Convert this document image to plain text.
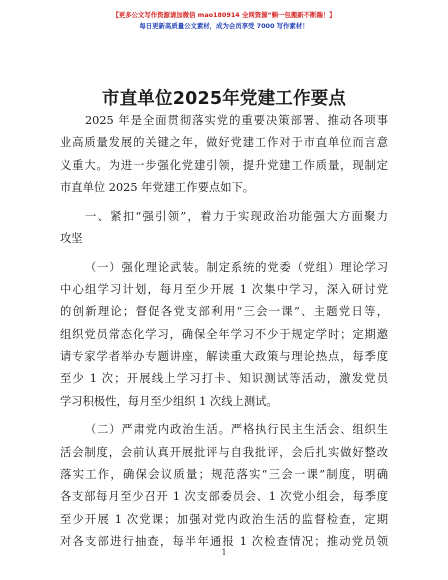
【更多公文写作资源请加微信 mao180914 全网资源“蝌一包搬新不断踹！】
每日更新高质量公文素材，成为会员享受 7000 写作素材！
市直单位2025年党建工作要点
2025 年是全面贯彻落实党的重要决策部署、推动各项事
业高质量发展的关键之年，做好党建工作对于市直单位而言意
义重大。为进一步强化党建引领，提升党建工作质量，现制定
市直单位 2025 年党建工作要点如下。
一、紧扣“强引领”，着力于实现政治功能强大方面聚力
攻坚
（一）强化理论武装。制定系统的党委（党组）理论学习
中心组学习计划，每月至少开展 1 次集中学习，深入研讨党
的创新理论；督促各党支部利用“三会一课”、主题党日等，
组织党员常态化学习，确保全年学习不少于规定学时；定期邀
请专家学者举办专题讲座，解读重大政策与理论热点，每季度
至少 1 次；开展线上学习打卡、知识测试等活动，激发党员
学习积极性，每月至少组织 1 次线上测试。
（二）严肃党内政治生活。严格执行民主生活会、组织生
活会制度，会前认真开展批评与自我批评，会后扎实做好整改
落实工作，确保会议质量；规范落实“三会一课”制度，明确
各支部每月至少召开 1 次支部委员会、1 次党小组会，每季度
至少开展 1 次党课；加强对党内政治生活的监督检查，定期
对各支部进行抽查，每半年通报 1 次检查情况；推动党员领
1
